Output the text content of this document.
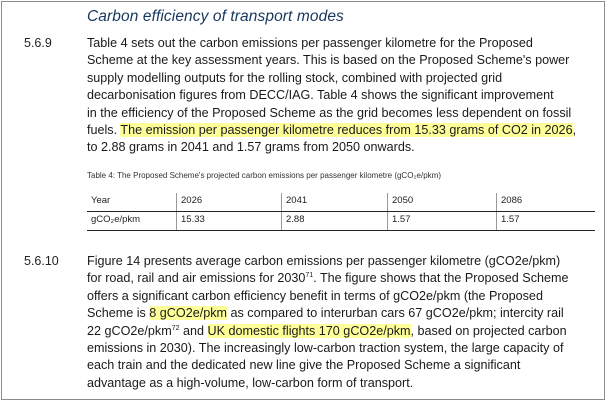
Carbon efficiency of transport modes
5.6.9	Table 4 sets out the carbon emissions per passenger kilometre for the Proposed
Scheme at the key assessment years. This is based on the Proposed Scheme's power
supply modelling outputs for the rolling stock, combined with projected grid
decarbonisation figures from DECC/IAG. Table 4 shows the significant improvement
in the efficiency of the Proposed Scheme as the grid becomes less dependent on fossil
fuels. The emission per passenger kilometre reduces from 15.33 grams of CO2 in 2026,
to 2.88 grams in 2041 and 1.57 grams from 2050 onwards.
Table 4: The Proposed Scheme's projected carbon emissions per passenger kilometre (gCO₂e/pkm)
Year	2026	2041	2050	2086
gCO₂e/pkm	15.33	2.88	1.57	1.57
5.6.10 Figure 14 presents average carbon emissions per passenger kilometre (gCO2e/pkm)
for road, rail and air emissions for 2030$^{71}$. The figure shows that the Proposed Scheme
offers a significant carbon efficiency benefit in terms of gCO2e/pkm (the Proposed
Scheme is 8 gCO2e/pkm as compared to interurban cars 67 gCO2e/pkm; intercity rail
22 gCO2e/pkm$^{72}$ and UK domestic flights 170 gCO2e/pkm, based on projected carbon
emissions in 2030). The increasingly low-carbon traction system, the large capacity of
each train and the dedicated new line give the Proposed Scheme a significant
advantage as a high-volume, low-carbon form of transport.
